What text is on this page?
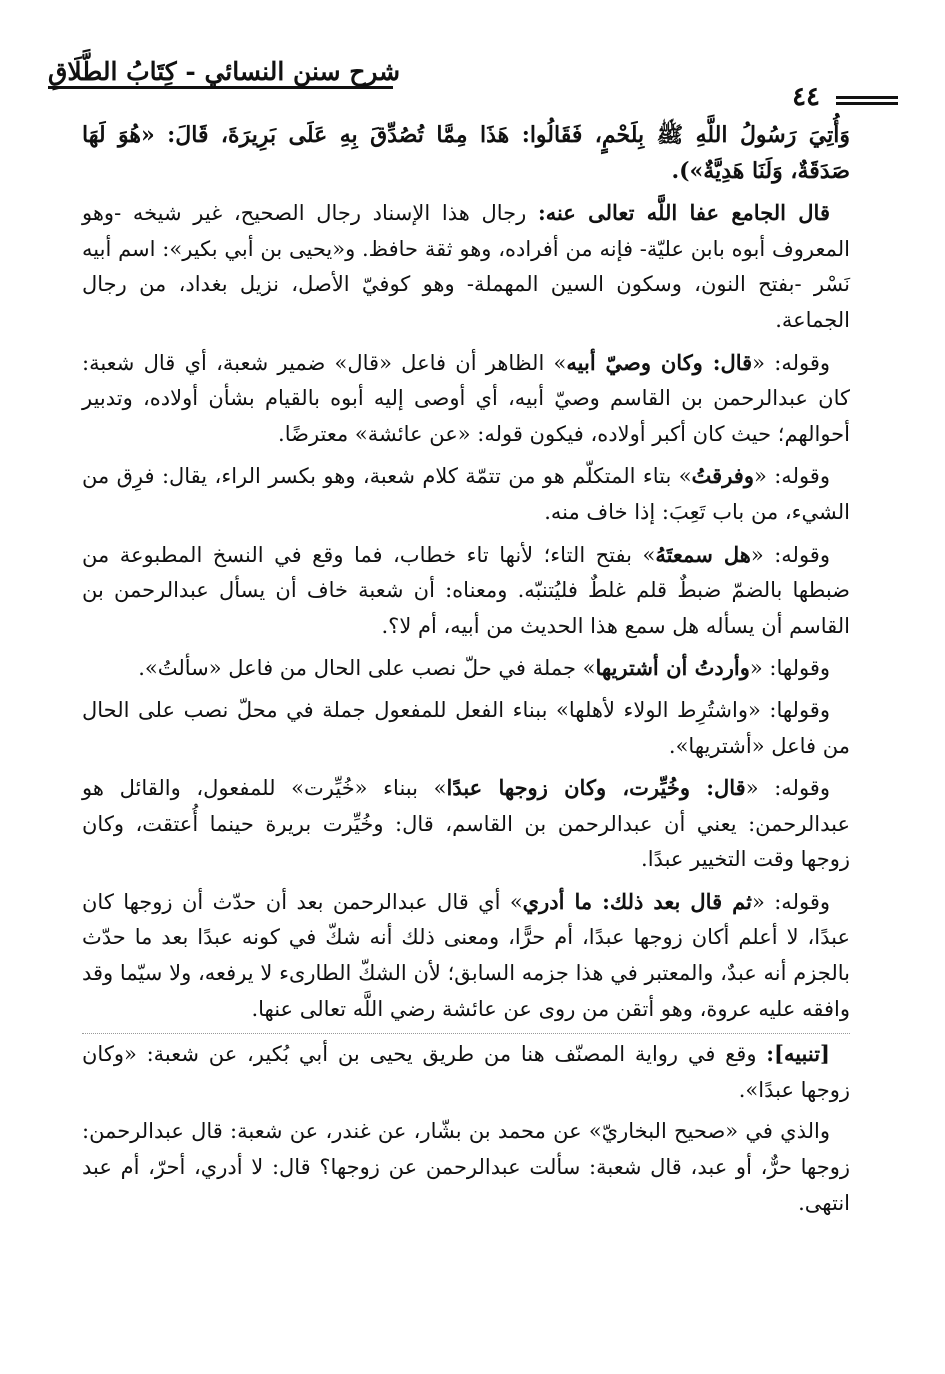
شرح سنن النسائي - كِتَابُ الطَّلَاقِ
٤٤

وَأُتِيَ رَسُولُ اللَّهِ ﷺ بِلَحْمٍ، فَقَالُوا: هَذَا مِمَّا تُصُدِّقَ بِهِ عَلَى بَرِيرَةَ، قَالَ: «هُوَ لَهَا صَدَقَةٌ، وَلَنَا هَدِيَّةٌ»).

قال الجامع عفا اللَّه تعالى عنه: رجال هذا الإسناد رجال الصحيح، غير شيخه -وهو المعروف أبوه بابن عليّة- فإنه من أفراده، وهو ثقة حافظ. و«يحيى بن أبي بكير»: اسم أبيه نَسْر -بفتح النون، وسكون السين المهملة- وهو كوفيّ الأصل، نزيل بغداد، من رجال الجماعة.

وقوله: «قال: وكان وصيّ أبيه» الظاهر أن فاعل «قال» ضمير شعبة، أي قال شعبة: كان عبدالرحمن بن القاسم وصيّ أبيه، أي أوصى إليه أبوه بالقيام بشأن أولاده، وتدبير أحوالهم؛ حيث كان أكبر أولاده، فيكون قوله: «عن عائشة» معترضًا.

وقوله: «وفرقتُ» بتاء المتكلّم هو من تتمّة كلام شعبة، وهو بكسر الراء، يقال: فرِق من الشيء، من باب تَعِبَ: إذا خاف منه.

وقوله: «هل سمعتَهُ» بفتح التاء؛ لأنها تاء خطاب، فما وقع في النسخ المطبوعة من ضبطها بالضمّ ضبطٌ قلم غلطٌ فليُتنبّه. ومعناه: أن شعبة خاف أن يسأل عبدالرحمن بن القاسم أن يسأله هل سمع هذا الحديث من أبيه، أم لا؟.

وقولها: «وأردتُ أن أشتريها» جملة في حلّ نصب على الحال من فاعل «سألتُ».

وقولها: «واشتُرِط الولاء لأهلها» ببناء الفعل للمفعول جملة في محلّ نصب على الحال من فاعل «أشتريها».

وقوله: «قال: وخُيِّرت، وكان زوجها عبدًا» ببناء «خُيِّرت» للمفعول، والقائل هو عبدالرحمن: يعني أن عبدالرحمن بن القاسم، قال: وخُيِّرت بريرة حينما أُعتقت، وكان زوجها وقت التخيير عبدًا.

وقوله: «ثم قال بعد ذلك: ما أدري» أي قال عبدالرحمن بعد أن حدّث أن زوجها كان عبدًا، لا أعلم أكان زوجها عبدًا، أم حرًّا، ومعنى ذلك أنه شكّ في كونه عبدًا بعد ما حدّث بالجزم أنه عبدٌ، والمعتبر في هذا جزمه السابق؛ لأن الشكّ الطارىء لا يرفعه، ولا سيّما وقد وافقه عليه عروة، وهو أتقن من روى عن عائشة رضي اللَّه تعالى عنها.

[تنبيه]: وقع في رواية المصنّف هنا من طريق يحيى بن أبي بُكير، عن شعبة: «وكان زوجها عبدًا».

والذي في «صحيح البخاريّ» عن محمد بن بشّار، عن غندر، عن شعبة: قال عبدالرحمن: زوجها حرٌّ، أو عبد، قال شعبة: سألت عبدالرحمن عن زوجها؟ قال: لا أدري، أحرّ، أم عبد انتهى.
